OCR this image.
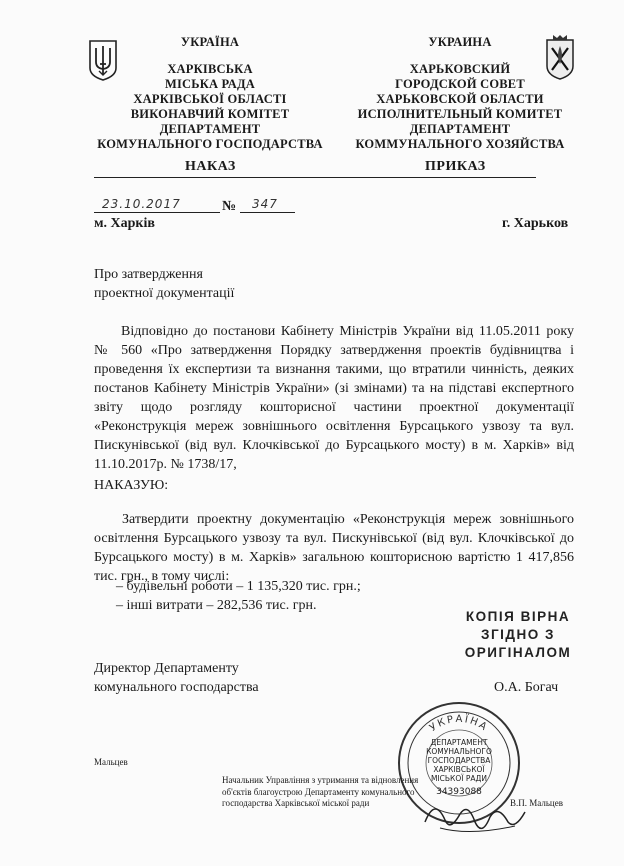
УКРАЇНА
ХАРКІВСЬКА
МІСЬКА РАДА
ХАРКІВСЬКОЇ ОБЛАСТІ
ВИКОНАВЧИЙ КОМІТЕТ
ДЕПАРТАМЕНТ
КОМУНАЛЬНОГО ГОСПОДАРСТВА
УКРАИНА
ХАРЬКОВСКИЙ
ГОРОДСКОЙ СОВЕТ
ХАРЬКОВСКОЙ ОБЛАСТИ
ИСПОЛНИТЕЛЬНЫЙ КОМИТЕТ
ДЕПАРТАМЕНТ
КОММУНАЛЬНОГО ХОЗЯЙСТВА
НАКАЗ	ПРИКАЗ
23.10.2017	№ 347
м. Харків	г. Харьков
Про затвердження
проектної документації
Відповідно до постанови Кабінету Міністрів України від 11.05.2011 року № 560 «Про затвердження Порядку затвердження проектів будівництва і проведення їх експертизи та визнання такими, що втратили чинність, деяких постанов Кабінету Міністрів України» (зі змінами) та на підставі експертного звіту щодо розгляду кошторисної частини проектної документації «Реконструкція мереж зовнішнього освітлення Бурсацького узвозу та вул. Пискунівської (від вул. Клочківської до Бурсацького мосту) в м. Харків» від 11.10.2017р. № 1738/17,
НАКАЗУЮ:
Затвердити проектну документацію «Реконструкція мереж зовнішнього освітлення Бурсацького узвозу та вул. Пискунівської (від вул. Клочківської до Бурсацького мосту) в м. Харків» загальною кошторисною вартістю 1 417,856 тис. грн., в тому числі:
– будівельні роботи – 1 135,320 тис. грн.;
– інші витрати – 282,536 тис. грн.
КОПІЯ ВІРНА
ЗГІДНО З
ОРИГІНАЛОМ
Директор Департаменту
комунального господарства	О.А. Богач
Мальцев
УКРАЇНА
ДЕПАРТАМЕНТ
КОМУНАЛЬНОГО
ГОСПОДАРСТВА
ХАРКІВСЬКОЇ
МІСЬКОЇ РАДИ
34393088
Начальник Управління з утримання та відновлення
об'єктів благоустрою Департаменту комунального
господарства Харківської міської ради	В.П. Мальцев
